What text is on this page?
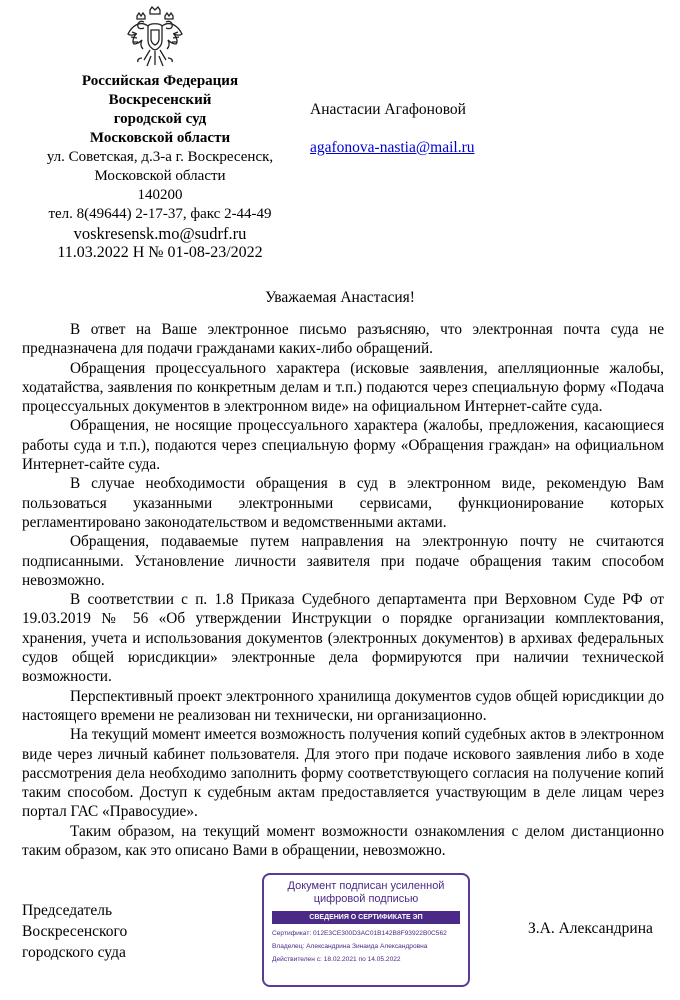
Российская Федерация
Воскресенский
городской суд
Московской области
ул. Советская, д.3-а г. Воскресенск,
Московской области
140200
тел. 8(49644) 2-17-37, факс 2-44-49
voskresensk.mo@sudrf.ru
11.03.2022 Н № 01-08-23/2022
Анастасии Агафоновой
agafonova-nastia@mail.ru
Уважаемая Анастасия!

В ответ на Ваше электронное письмо разъясняю, что электронная почта суда не предназначена для подачи гражданами каких-либо обращений.

Обращения процессуального характера (исковые заявления, апелляционные жалобы, ходатайства, заявления по конкретным делам и т.п.) подаются через специальную форму «Подача процессуальных документов в электронном виде» на официальном Интернет-сайте суда.

Обращения, не носящие процессуального характера (жалобы, предложения, касающиеся работы суда и т.п.), подаются через специальную форму «Обращения граждан» на официальном Интернет-сайте суда.

В случае необходимости обращения в суд в электронном виде, рекомендую Вам пользоваться указанными электронными сервисами, функционирование которых регламентировано законодательством и ведомственными актами.

Обращения, подаваемые путем направления на электронную почту не считаются подписанными. Установление личности заявителя при подаче обращения таким способом невозможно.

В соответствии с п. 1.8 Приказа Судебного департамента при Верховном Суде РФ от 19.03.2019 № 56 «Об утверждении Инструкции о порядке организации комплектования, хранения, учета и использования документов (электронных документов) в архивах федеральных судов общей юрисдикции» электронные дела формируются при наличии технической возможности.

Перспективный проект электронного хранилища документов судов общей юрисдикции до настоящего времени не реализован ни технически, ни организационно.

На текущий момент имеется возможность получения копий судебных актов в электронном виде через личный кабинет пользователя. Для этого при подаче искового заявления либо в ходе рассмотрения дела необходимо заполнить форму соответствующего согласия на получение копий таким способом. Доступ к судебным актам предоставляется участвующим в деле лицам через портал ГАС «Правосудие».

Таким образом, на текущий момент возможности ознакомления с делом дистанционно таким образом, как это описано Вами в обращении, невозможно.

Председатель
Воскресенского
городского суда
Документ подписан усиленной
цифровой подписью
СВЕДЕНИЯ О СЕРТИФИКАТЕ ЭП
Сертификат: 012E3CE300D3AC01B142B8F93922B0C562
Владелец: Александрина Зинаида Александровна
Действителен с: 18.02.2021 по 14.05.2022
З.А. Александрина
